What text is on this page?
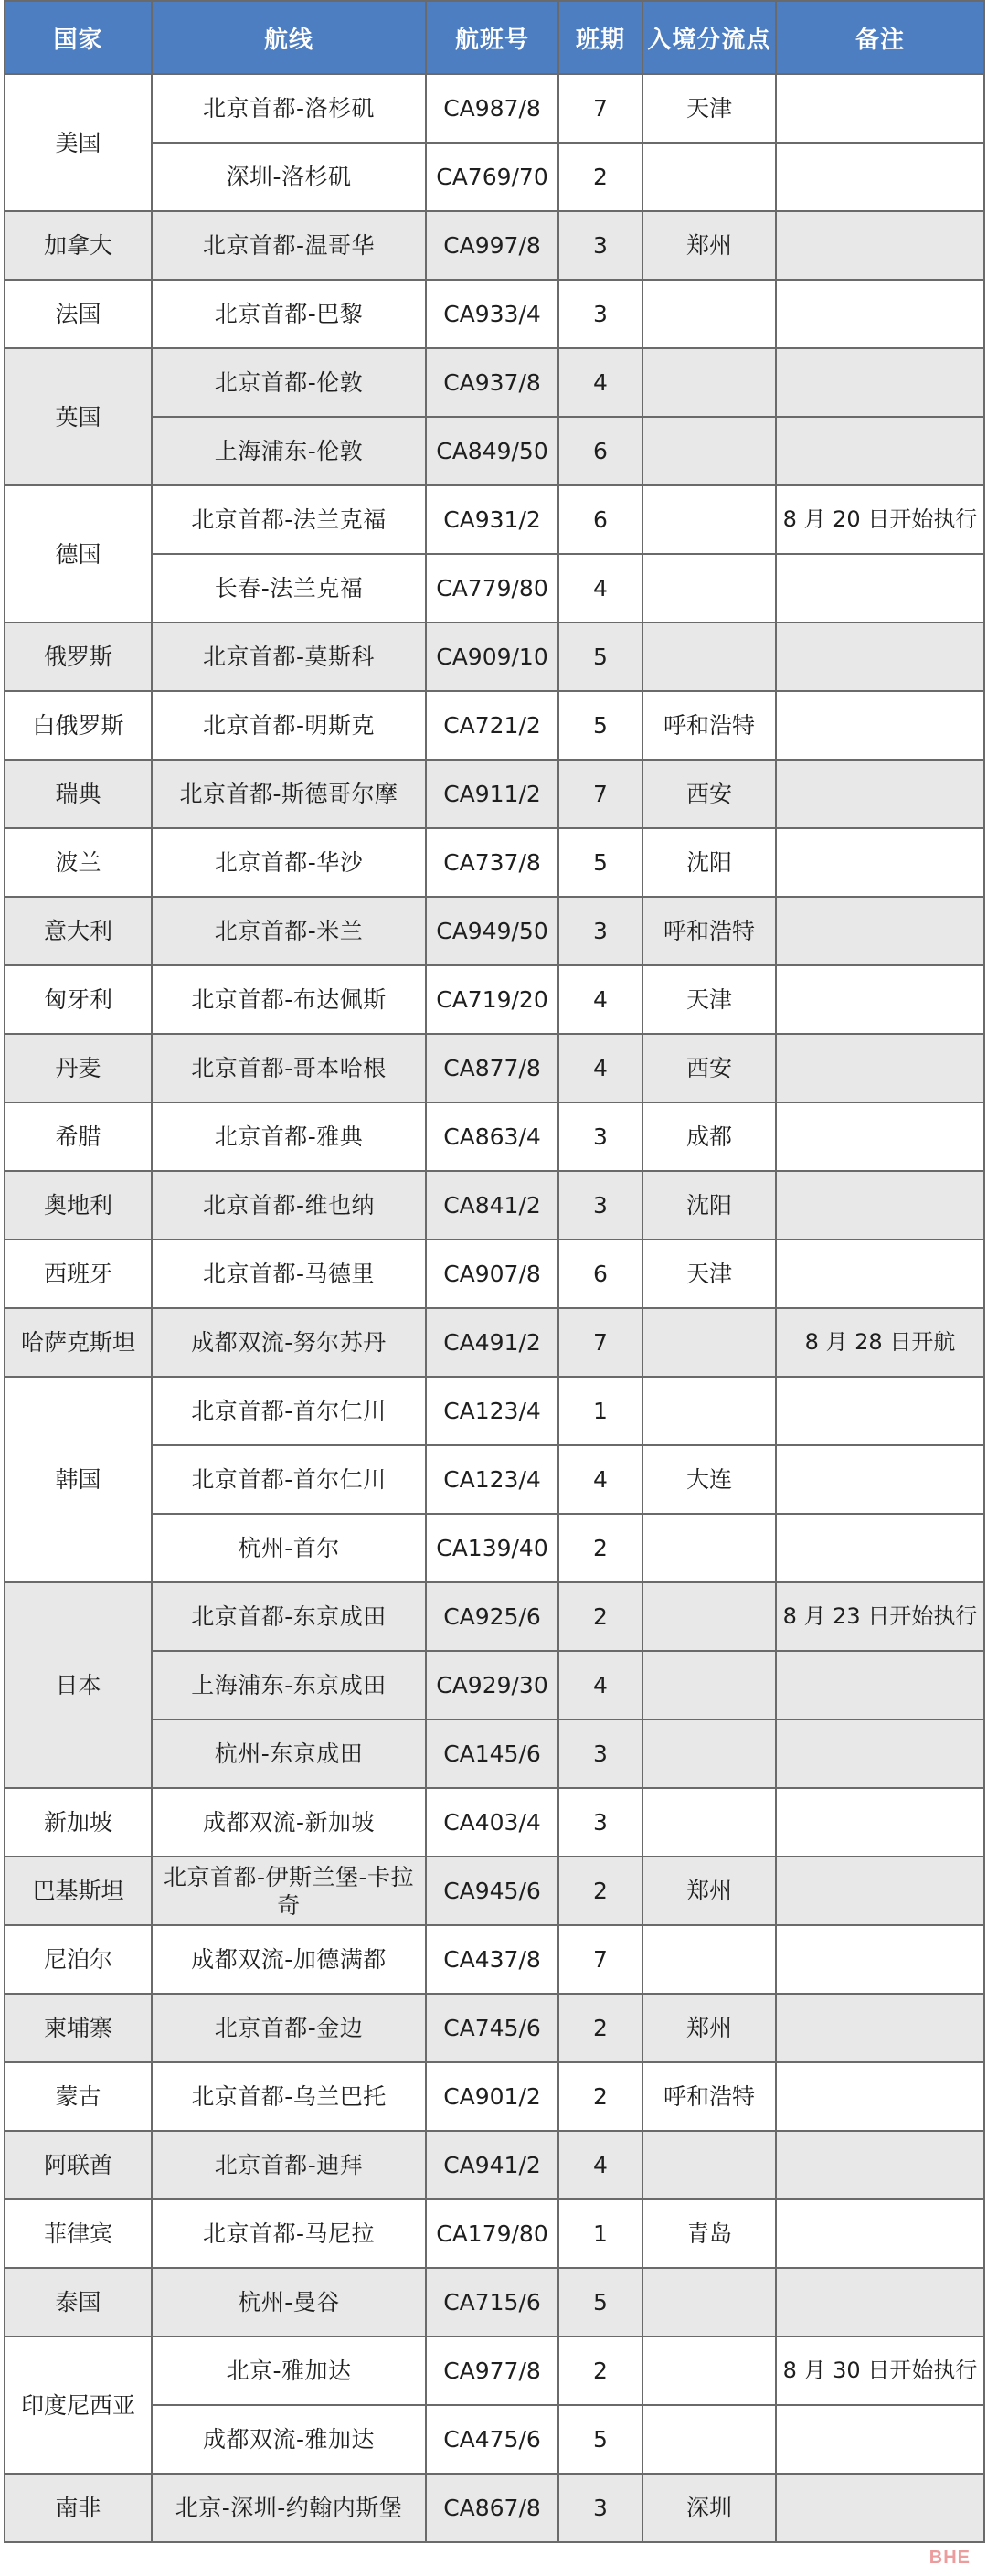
国家	航线	航班号	班期	入境分流点	备注
美国	北京首都-洛杉矶	CA987/8	7	天津	
	深圳-洛杉矶	CA769/70	2		
加拿大	北京首都-温哥华	CA997/8	3	郑州	
法国	北京首都-巴黎	CA933/4	3		
英国	北京首都-伦敦	CA937/8	4		
	上海浦东-伦敦	CA849/50	6		
德国	北京首都-法兰克福	CA931/2	6		8 月 20 日开始执行
	长春-法兰克福	CA779/80	4		
俄罗斯	北京首都-莫斯科	CA909/10	5		
白俄罗斯	北京首都-明斯克	CA721/2	5	呼和浩特	
瑞典	北京首都-斯德哥尔摩	CA911/2	7	西安	
波兰	北京首都-华沙	CA737/8	5	沈阳	
意大利	北京首都-米兰	CA949/50	3	呼和浩特	
匈牙利	北京首都-布达佩斯	CA719/20	4	天津	
丹麦	北京首都-哥本哈根	CA877/8	4	西安	
希腊	北京首都-雅典	CA863/4	3	成都	
奥地利	北京首都-维也纳	CA841/2	3	沈阳	
西班牙	北京首都-马德里	CA907/8	6	天津	
哈萨克斯坦	成都双流-努尔苏丹	CA491/2	7		8 月 28 日开航
韩国	北京首都-首尔仁川	CA123/4	1		
	北京首都-首尔仁川	CA123/4	4	大连	
	杭州-首尔	CA139/40	2		
日本	北京首都-东京成田	CA925/6	2		8 月 23 日开始执行
	上海浦东-东京成田	CA929/30	4		
	杭州-东京成田	CA145/6	3		
新加坡	成都双流-新加坡	CA403/4	3		
巴基斯坦	北京首都-伊斯兰堡-卡拉奇	CA945/6	2	郑州	
尼泊尔	成都双流-加德满都	CA437/8	7		
柬埔寨	北京首都-金边	CA745/6	2	郑州	
蒙古	北京首都-乌兰巴托	CA901/2	2	呼和浩特	
阿联酋	北京首都-迪拜	CA941/2	4		
菲律宾	北京首都-马尼拉	CA179/80	1	青岛	
泰国	杭州-曼谷	CA715/6	5		
印度尼西亚	北京-雅加达	CA977/8	2		8 月 30 日开始执行
	成都双流-雅加达	CA475/6	5		
南非	北京-深圳-约翰内斯堡	CA867/8	3	深圳	
BHE
